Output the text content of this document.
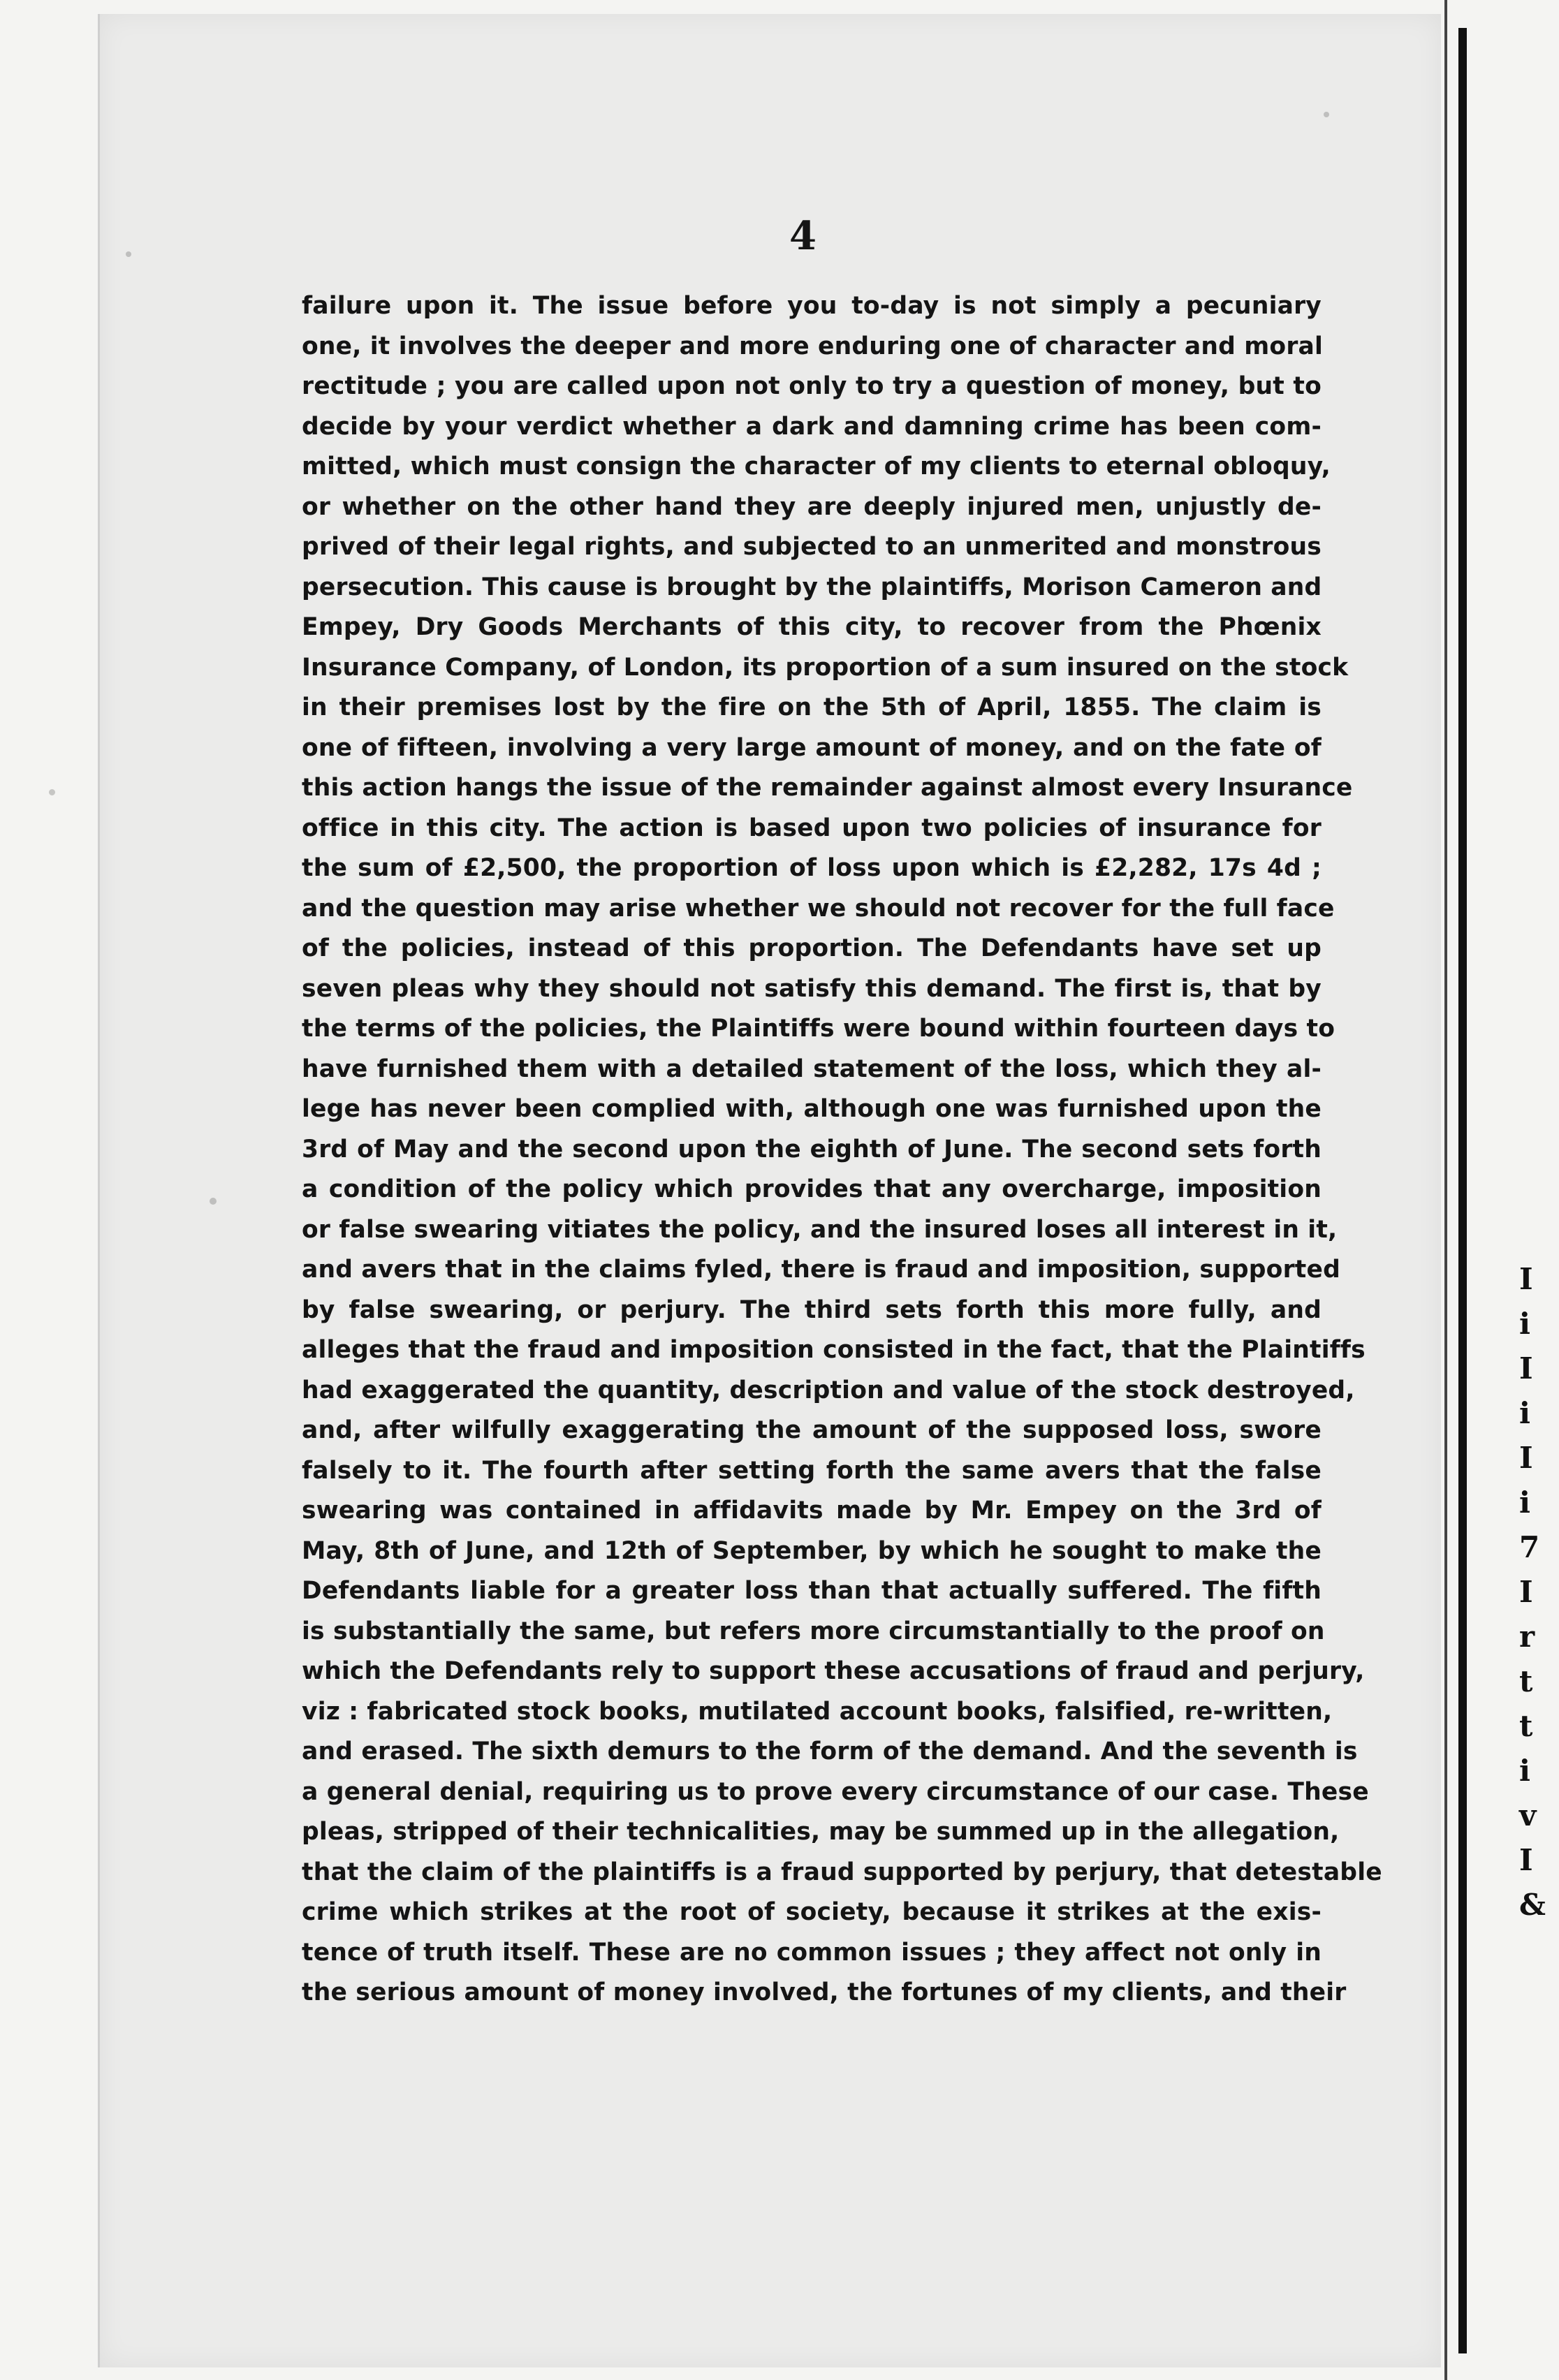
I
i
I
i
I
i
7
I
r
t
t
i
v
I
&
4
failure upon it. The issue before you to-day is not simply a pecuniary
one, it involves the deeper and more enduring one of character and moral
rectitude ; you are called upon not only to try a question of money, but to
decide by your verdict whether a dark and damning crime has been com-
mitted, which must consign the character of my clients to eternal obloquy,
or whether on the other hand they are deeply injured men, unjustly de-
prived of their legal rights, and subjected to an unmerited and monstrous
persecution. This cause is brought by the plaintiffs, Morison Cameron and
Empey, Dry Goods Merchants of this city, to recover from the Phœnix
Insurance Company, of London, its proportion of a sum insured on the stock
in their premises lost by the fire on the 5th of April, 1855. The claim is
one of fifteen, involving a very large amount of money, and on the fate of
this action hangs the issue of the remainder against almost every Insurance
office in this city. The action is based upon two policies of insurance for
the sum of £2,500, the proportion of loss upon which is £2,282, 17s 4d ;
and the question may arise whether we should not recover for the full face
of the policies, instead of this proportion. The Defendants have set up
seven pleas why they should not satisfy this demand. The first is, that by
the terms of the policies, the Plaintiffs were bound within fourteen days to
have furnished them with a detailed statement of the loss, which they al-
lege has never been complied with, although one was furnished upon the
3rd of May and the second upon the eighth of June. The second sets forth
a condition of the policy which provides that any overcharge, imposition
or false swearing vitiates the policy, and the insured loses all interest in it,
and avers that in the claims fyled, there is fraud and imposition, supported
by false swearing, or perjury. The third sets forth this more fully, and
alleges that the fraud and imposition consisted in the fact, that the Plaintiffs
had exaggerated the quantity, description and value of the stock destroyed,
and, after wilfully exaggerating the amount of the supposed loss, swore
falsely to it. The fourth after setting forth the same avers that the false
swearing was contained in affidavits made by Mr. Empey on the 3rd of
May, 8th of June, and 12th of September, by which he sought to make the
Defendants liable for a greater loss than that actually suffered. The fifth
is substantially the same, but refers more circumstantially to the proof on
which the Defendants rely to support these accusations of fraud and perjury,
viz : fabricated stock books, mutilated account books, falsified, re-written,
and erased. The sixth demurs to the form of the demand. And the seventh is
a general denial, requiring us to prove every circumstance of our case. These
pleas, stripped of their technicalities, may be summed up in the allegation,
that the claim of the plaintiffs is a fraud supported by perjury, that detestable
crime which strikes at the root of society, because it strikes at the exis-
tence of truth itself. These are no common issues ; they affect not only in
the serious amount of money involved, the fortunes of my clients, and their
